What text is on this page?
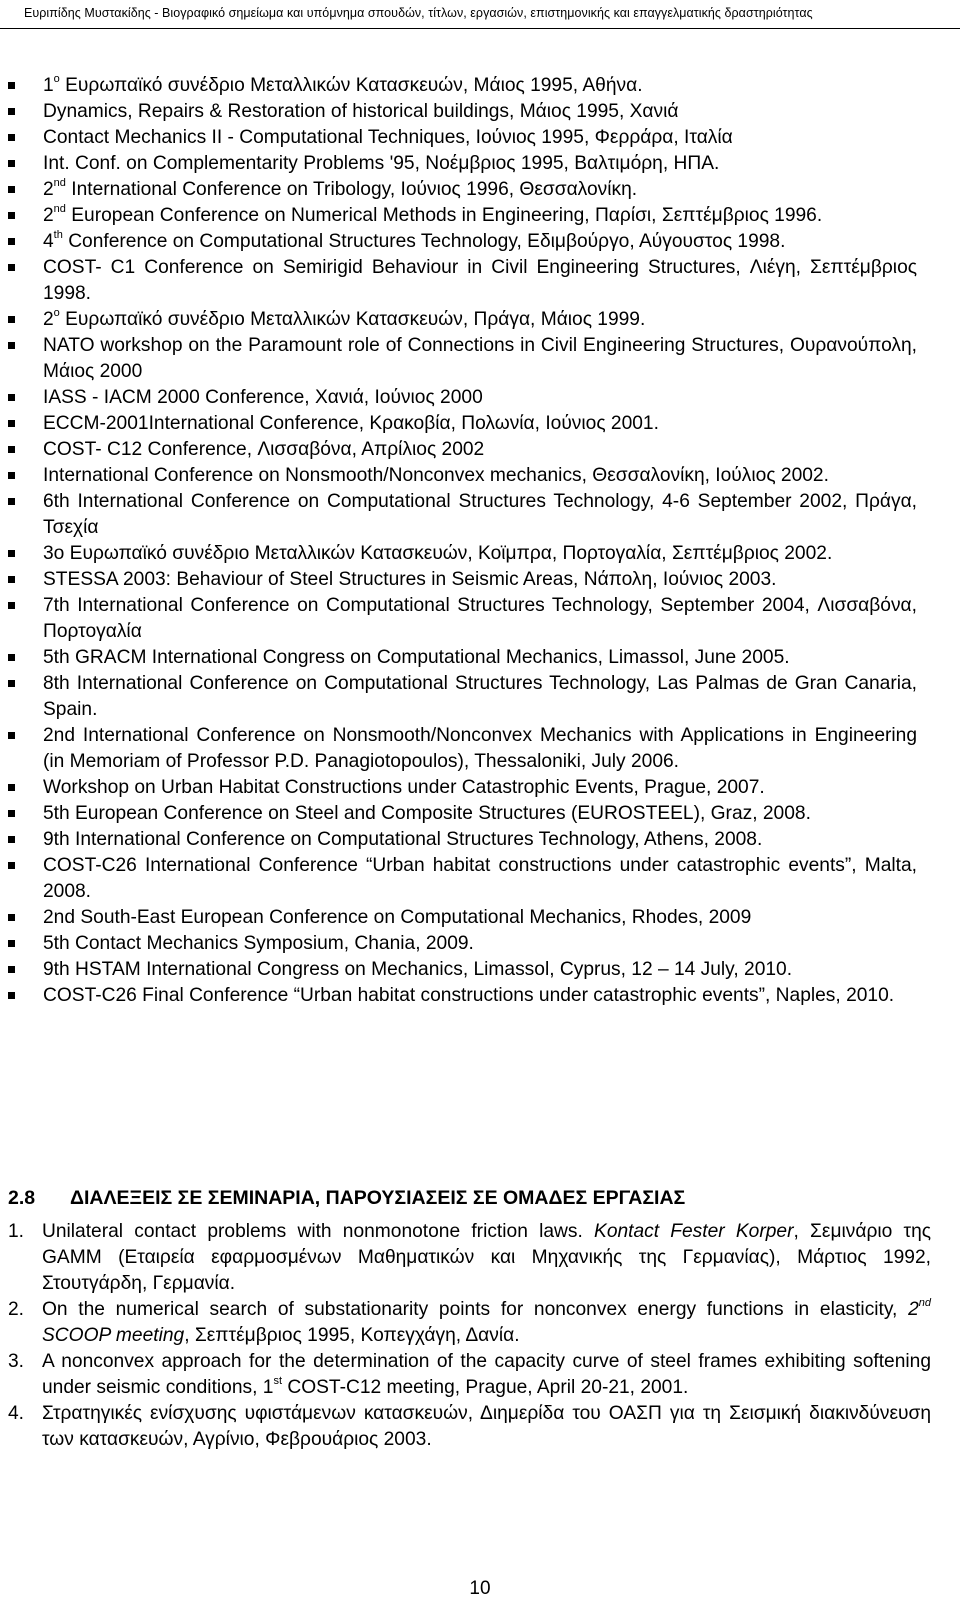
Ευριπίδης Μυστακίδης - Βιογραφικό σημείωμα και υπόμνημα σπουδών, τίτλων, εργασιών, επιστημονικής και επαγγελματικής δραστηριότητας
1$^o$ Ευρωπαϊκό συνέδριο Μεταλλικών Κατασκευών, Μάιος 1995, Αθήνα.
Dynamics, Repairs & Restoration of historical buildings, Μάιος 1995, Χανιά
Contact Mechanics II - Computational Techniques, Ιούνιος 1995, Φερράρα, Ιταλία
Int. Conf. on Complementarity Problems '95, Νοέμβριος 1995, Βαλτιμόρη, ΗΠΑ.
2nd International Conference on Tribology, Ιούνιος 1996, Θεσσαλονίκη.
2nd European Conference on Numerical Methods in Engineering, Παρίσι, Σεπτέμβριος 1996.
4th Conference on Computational Structures Technology, Εδιμβούργο, Αύγουστος 1998.
COST- C1 Conference on Semirigid Behaviour in Civil Engineering Structures, Λιέγη, Σεπτέμβριος 1998.
2$^o$ Ευρωπαϊκό συνέδριο Μεταλλικών Κατασκευών, Πράγα, Μάιος 1999.
NATO workshop on the Paramount role of Connections in Civil Engineering Structures, Ουρανούπολη, Μάιος 2000
IASS - IACM 2000 Conference, Χανιά, Ιούνιος 2000
ECCM-2001International Conference, Κρακοβία, Πολωνία, Ιούνιος 2001.
COST- C12 Conference, Λισσαβόνα, Απρίλιος 2002
International Conference on Nonsmooth/Nonconvex mechanics, Θεσσαλονίκη, Ιούλιος 2002.
6th International Conference on Computational Structures Technology, 4-6 September 2002, Πράγα, Τσεχία
3ο Ευρωπαϊκό συνέδριο Μεταλλικών Κατασκευών, Κοϊμπρα, Πορτογαλία, Σεπτέμβριος 2002.
STESSA 2003: Behaviour of Steel Structures in Seismic Areas, Νάπολη, Ιούνιος 2003.
7th International Conference on Computational Structures Technology, September 2004, Λισσαβόνα, Πορτογαλία
5th GRACM International Congress on Computational Mechanics, Limassol, June 2005.
8th International Conference on Computational Structures Technology, Las Palmas de Gran Canaria, Spain.
2nd International Conference on Nonsmooth/Nonconvex Mechanics with Applications in Engineering (in Memoriam of Professor P.D. Panagiotopoulos), Thessaloniki, July 2006.
Workshop on Urban Habitat Constructions under Catastrophic Events, Prague, 2007.
5th European Conference on Steel and Composite Structures (EUROSTEEL), Graz, 2008.
9th International Conference on Computational Structures Technology, Athens, 2008.
COST-C26 International Conference “Urban habitat constructions under catastrophic events”, Malta, 2008.
2nd South-East European Conference on Computational Mechanics, Rhodes, 2009
5th Contact Mechanics Symposium, Chania, 2009.
9th HSTAM International Congress on Mechanics, Limassol, Cyprus, 12 – 14 July, 2010.
COST-C26 Final Conference “Urban habitat constructions under catastrophic events”, Naples, 2010.
2.8 ΔΙΑΛΕΞΕΙΣ ΣΕ ΣΕΜΙΝΑΡΙΑ, ΠΑΡΟΥΣΙΑΣΕΙΣ ΣΕ ΟΜΑΔΕΣ ΕΡΓΑΣΙΑΣ
1. Unilateral contact problems with nonmonotone friction laws. Kontact Fester Korper, Σεμινάριο της GAMM (Εταιρεία εφαρμοσμένων Μαθηματικών και Μηχανικής της Γερμανίας), Μάρτιος 1992, Στουτγάρδη, Γερμανία.
2. On the numerical search of substationarity points for nonconvex energy functions in elasticity, 2nd SCOOP meeting, Σεπτέμβριος 1995, Κοπεγχάγη, Δανία.
3. A nonconvex approach for the determination of the capacity curve of steel frames exhibiting softening under seismic conditions, 1st COST-C12 meeting, Prague, April 20-21, 2001.
4. Στρατηγικές ενίσχυσης υφιστάμενων κατασκευών, Διημερίδα του ΟΑΣΠ για τη Σεισμική διακινδύνευση των κατασκευών, Αγρίνιο, Φεβρουάριος 2003.
10
